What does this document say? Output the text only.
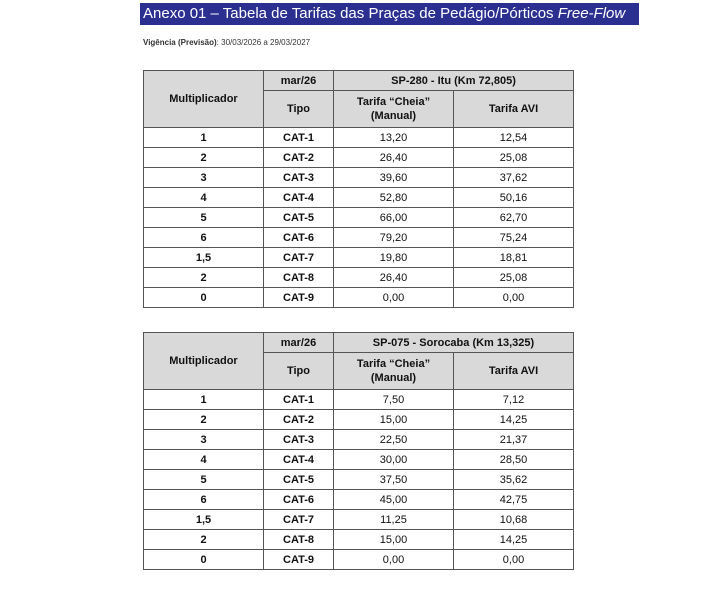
Anexo 01 – Tabela de Tarifas das Praças de Pedágio/Pórticos Free-Flow
Vigência (Previsão): 30/03/2026 a 29/03/2027
Multiplicador	mar/26	SP-280 - Itu (Km 72,805)	
	Tipo	Tarifa “Cheia” (Manual)	Tarifa AVI
1	CAT-1	13,20	12,54
2	CAT-2	26,40	25,08
3	CAT-3	39,60	37,62
4	CAT-4	52,80	50,16
5	CAT-5	66,00	62,70
6	CAT-6	79,20	75,24
1,5	CAT-7	19,80	18,81
2	CAT-8	26,40	25,08
0	CAT-9	0,00	0,00
Multiplicador	mar/26	SP-075 - Sorocaba (Km 13,325)	
	Tipo	Tarifa “Cheia” (Manual)	Tarifa AVI
1	CAT-1	7,50	7,12
2	CAT-2	15,00	14,25
3	CAT-3	22,50	21,37
4	CAT-4	30,00	28,50
5	CAT-5	37,50	35,62
6	CAT-6	45,00	42,75
1,5	CAT-7	11,25	10,68
2	CAT-8	15,00	14,25
0	CAT-9	0,00	0,00
